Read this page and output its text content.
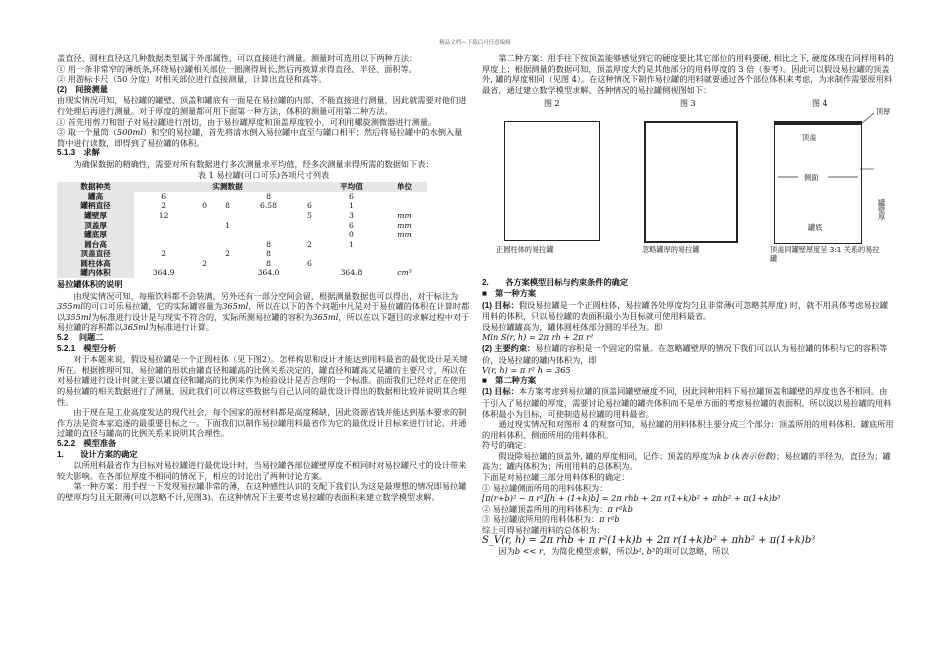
精品文档---下载后可任意编辑

盖直径、圆柱直径这几种数据类型属于外部属性，可以直接进行测量。测量时可选用以下两种方法：

① 用一条非常窄的薄纸条,环绕易拉罐相关部位一圈测得周长,然后再换算求得直径、半径、面积等。

② 用游标卡尺（50 分度）对相关部位进行直接测量，计算出直径和高等。

(2)　间接测量

由现实情况可知，易拉罐的罐壁、顶盖和罐底有一面是在易拉罐的内部，不能直接进行测量，因此就需要对他们进行处理后再进行测量。对于厚度的测量都可用下面第一种方法，体积的测量可用第二种方法。

① 首先用剪刀和钳子对易拉罐进行剖切，由于易拉罐厚度和顶盖厚度较小，可利用螺旋测微器进行测量。

② 取一个量筒（500ml）和空的易拉罐，首先将清水倒入易拉罐中直至与罐口相平；然后将易拉罐中的水倒入量筒中进行读数，即得到了易拉罐的体积。

5.1.3　求解

为确保数据的精确性，需要对所有数据进行多次测量求平均值，经多次测量求得所需的数据如下表：

表 1 易拉罐(可口可乐)各项尺寸列表

数据种类	实测数据					平均值	单位
罐高	6			8		6	
罐柄直径	2	0	8	6.58	6	1	
罐壁厚	12				5	3	mm
顶盖厚			1			6	mm
罐底厚						0	mm
圆台高				8	2	1	
顶盖直径	2		2	8			
圆柱体高		2		8	6		
罐内体积	364.9			364.0		364.8	cm³

易拉罐体积的说明

由现实情况可知，每瓶饮料都不会装满，另外还有一部分空间会留，根据测量数据也可以得出，对于标注为355ml的可口可乐易拉罐，它的实际罐容量为365ml，所以在以下的各个问题中凡是对于易拉罐的体积在计算时都以355ml为标准进行设计是与现实不符合的，实际所测易拉罐的容积为365ml，所以在以下题目的求解过程中对于易拉罐的容积都以365ml为标准进行计算。

5.2　 问题二

5.2.1　模型分析

对于本题来说，假设易拉罐是一个正圆柱体（见下图2）。怎样构思和设计才能达到用料最省的最优设计是关键所在。根据推理可知，易拉罐的形状由罐直径和罐高的比例关系决定的，罐直径和罐高又是罐的主要尺寸，所以在对易拉罐进行设计时就主要以罐直径和罐高的比例来作为检验设计是否合理的一个标准。前面我们已经对正在使用的易拉罐的相关数据进行了测量，因此我们可以将这些数据与自己认同的最优设计得出的数据相比较并说明其合理性。

由于现在是工业高度发达的现代社会，每个国家的原材料都是高度稀缺，因此资源省钱并能达到基本要求的制作方法是资本家追逐的最重要目标之一。下面我们以制作易拉罐用料最省作为它的最优设计目标来进行讨论，并通过罐的直径与罐高的比例关系来说明其合理性。

5.2.2　模型准备

1.　　设计方案的确定

以所用料最省作为目标对易拉罐进行最优设计时，当易拉罐各部位罐壁厚度不相同时对易拉罐尺寸的设计带来较大影响。在各部位厚度不相同的情况下，相应的讨论出了两种讨论方案。

第一种方案：用手捏一下发现易拉罐非常的薄，在这种感性认识的支配下我们认为这是最理想的情况即易拉罐的壁厚均匀且无限薄(可以忽略不计,见图3)。在这种情况下主要考虑易拉罐的表面积来建立数学模型求解。

第二种方案：用手往下按顶盖能够感觉到它的硬度要比其它部位的用料要硬, 相比之下, 硬度体现在同样用料的厚度上；根据测量的数据可知，顶盖厚度大约是其他部分的用料厚度的 3 倍（参考）。因此可以假设易拉罐的顶盖外, 罐的厚度相同（见图 4）。在这种情况下制作易拉罐的用料就要通过各个部位体积来考虑，为求制作需要原用料最省，通过建立数学模型求解。各种情况的易拉罐侧视图如下：

图 2	图 3	图 4
顶盖
侧面
罐底
顶厚
罐壁厚
正圆柱体的易拉罐	忽略罐厚的易拉罐	顶盖同罐壁厚度呈 3:1 关系的易拉罐

2.　　各方案模型目标与约束条件的确定

■　第一种方案

(1) 目标：假设易拉罐是一个正圆柱体，易拉罐各处厚度均匀且非常薄(可忽略其厚度) 时，就不用具体考虑易拉罐用料的体积，只以易拉罐的表面积最小为目标就可使用料最省。

设易拉罐罐高为，罐体圆柱体部分圆的半径为。即

Min S(r, h) = 2π rh + 2π r²

(2) 主要约束：易拉罐的容积是一个固定的常量。在忽略罐壁厚的情况下我们可以认为易拉罐的体积与它的容积等价，设易拉罐的罐内体积为，即

V(r, h) = π r² h = 365

■　第二种方案

(1) 目标：本方案考虑到易拉罐的顶盖同罐壁硬度不同，因此同种用料下易拉罐顶盖和罐壁的厚度也各不相同。由于引入了易拉罐的厚度，需要讨论易拉罐的罐壳体积而不是单方面的考虑易拉罐的表面积。所以说以易拉罐的用料体积最小为目标，可使制造易拉罐的用料最省。

通过现实情况和对图形 4 的观察可知，易拉罐的用料体积主要分成三个部分：顶盖所用的用料体积、罐底所用的用料体积、侧面所用的用料体积。

符号的确定：

假设除易拉罐的顶盖外, 罐的厚度相同，记作；顶盖的厚度为k b (k表示倍数)；易拉罐的半径为，直径为；罐高为；罐内体积为；所用用料的总体积为。

下面是对易拉罐三部分用料体积的确定：

① 易拉罐侧面所用的用料体积为：

[π(r+b)² − π r²][h + (1+k)b] = 2π rhb + 2π r(1+k)b² + πhb² + π(1+k)b³

② 易拉罐顶盖所用的用料体积为：π r²kb

③ 易拉罐底所用的用料体积为：π r²b

综上可得易拉罐用料的总体积为：

S_V(r, h) = 2π rhb + π r²(1+k)b + 2π r(1+k)b² + πhb² + π(1+k)b³

因为b << r，为简化模型求解，所以b², b³的项可以忽略，所以
